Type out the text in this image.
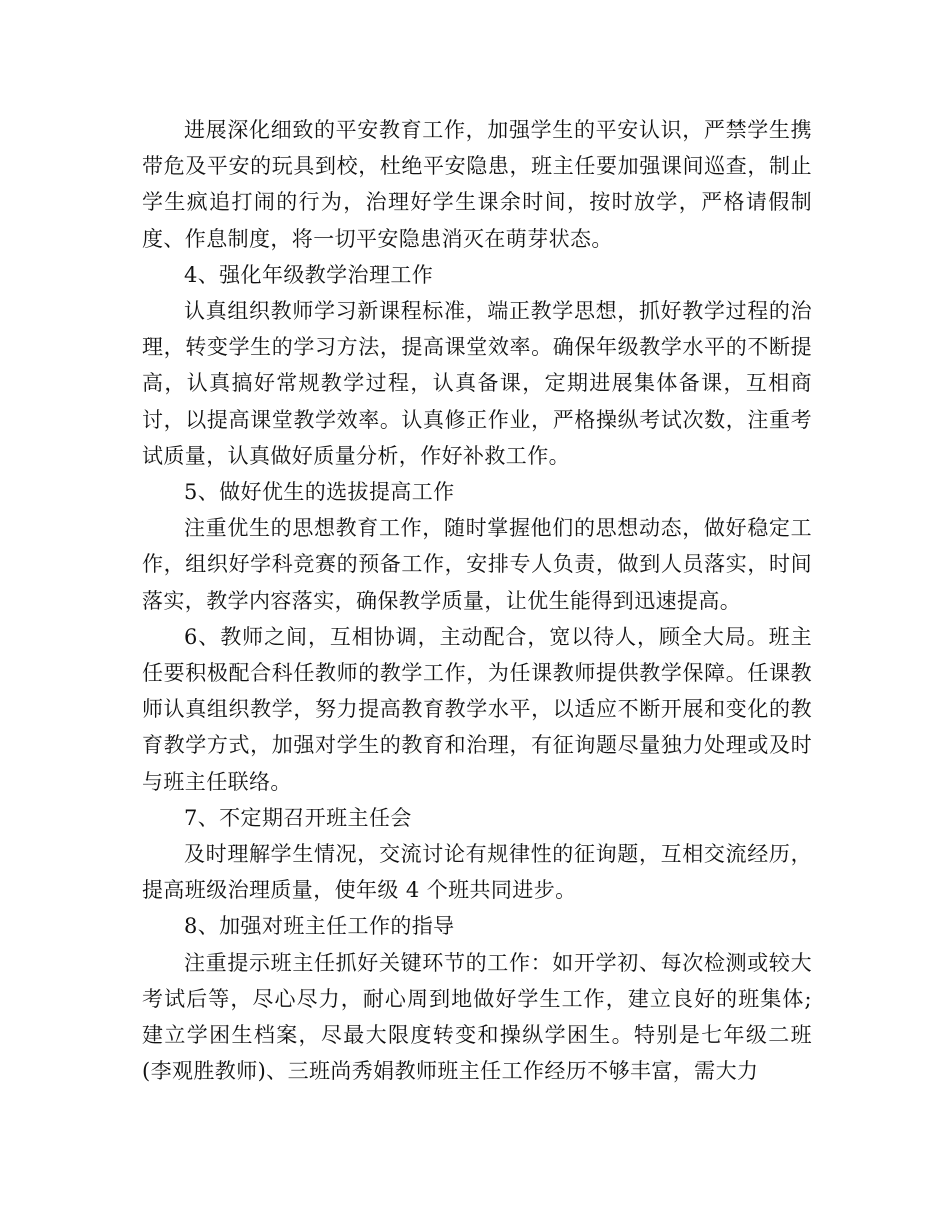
进展深化细致的平安教育工作，加强学生的平安认识，严禁学生携带危及平安的玩具到校，杜绝平安隐患，班主任要加强课间巡查，制止学生疯追打闹的行为，治理好学生课余时间，按时放学，严格请假制度、作息制度，将一切平安隐患消灭在萌芽状态。

4、强化年级教学治理工作

认真组织教师学习新课程标准，端正教学思想，抓好教学过程的治理，转变学生的学习方法，提高课堂效率。确保年级教学水平的不断提高，认真搞好常规教学过程，认真备课，定期进展集体备课，互相商讨，以提高课堂教学效率。认真修正作业，严格操纵考试次数，注重考试质量，认真做好质量分析，作好补救工作。

5、做好优生的选拔提高工作

注重优生的思想教育工作，随时掌握他们的思想动态，做好稳定工作，组织好学科竞赛的预备工作，安排专人负责，做到人员落实，时间落实，教学内容落实，确保教学质量，让优生能得到迅速提高。

6、教师之间，互相协调，主动配合，宽以待人，顾全大局。班主任要积极配合科任教师的教学工作，为任课教师提供教学保障。任课教师认真组织教学，努力提高教育教学水平，以适应不断开展和变化的教育教学方式，加强对学生的教育和治理，有征询题尽量独力处理或及时与班主任联络。

7、不定期召开班主任会

及时理解学生情况，交流讨论有规律性的征询题，互相交流经历，提高班级治理质量，使年级 4 个班共同进步。

8、加强对班主任工作的指导

注重提示班主任抓好关键环节的工作：如开学初、每次检测或较大考试后等，尽心尽力，耐心周到地做好学生工作，建立良好的班集体;建立学困生档案，尽最大限度转变和操纵学困生。特别是七年级二班(李观胜教师)、三班尚秀娟教师班主任工作经历不够丰富，需大力
